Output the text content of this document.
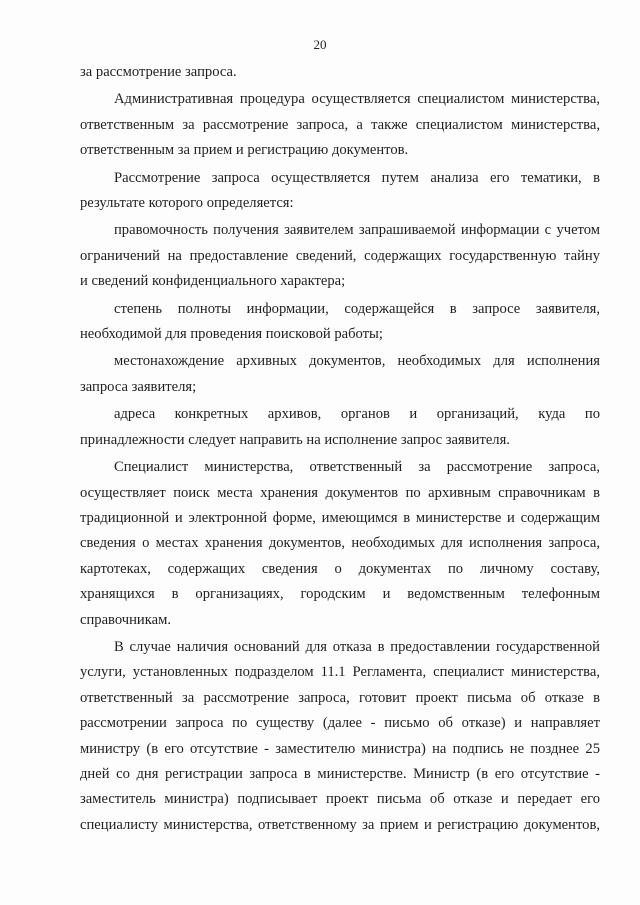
20

за рассмотрение запроса.

Административная процедура осуществляется специалистом министерства,
ответственным за рассмотрение запроса, а также специалистом министерства,
ответственным за прием и регистрацию документов.

Рассмотрение запроса осуществляется путем анализа его тематики, в
результате которого определяется:

правомочность получения заявителем запрашиваемой информации с учетом
ограничений на предоставление сведений, содержащих государственную тайну
и сведений конфиденциального характера;

степень полноты информации, содержащейся в запросе заявителя,
необходимой для проведения поисковой работы;

местонахождение архивных документов, необходимых для исполнения
запроса заявителя;

адреса конкретных архивов, органов и организаций, куда по
принадлежности следует направить на исполнение запрос заявителя.

Специалист министерства, ответственный за рассмотрение запроса,
осуществляет поиск места хранения документов по архивным справочникам в
традиционной и электронной форме, имеющимся в министерстве и содержащим
сведения о местах хранения документов, необходимых для исполнения запроса,
картотеках, содержащих сведения о документах по личному составу,
хранящихся в организациях, городским и ведомственным телефонным
справочникам.

В случае наличия оснований для отказа в предоставлении государственной
услуги, установленных подразделом 11.1 Регламента, специалист министерства,
ответственный за рассмотрение запроса, готовит проект письма об отказе в
рассмотрении запроса по существу (далее - письмо об отказе) и направляет
министру (в его отсутствие - заместителю министра) на подпись не позднее 25
дней со дня регистрации запроса в министерстве. Министр (в его отсутствие -
заместитель министра) подписывает проект письма об отказе и передает его
специалисту министерства, ответственному за прием и регистрацию документов,
